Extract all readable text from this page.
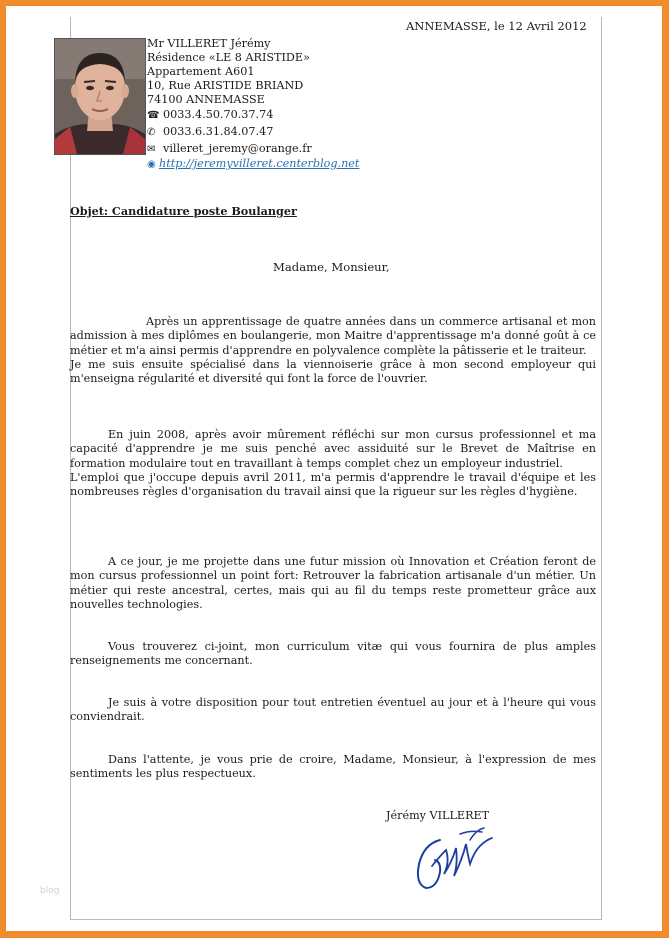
ANNEMASSE, le 12 Avril 2012
Mr VILLERET Jérémy
Résidence «LE 8 ARISTIDE»
Appartement A601
10, Rue ARISTIDE BRIAND
74100 ANNEMASSE
☎ 0033.4.50.70.37.74
✆ 0033.6.31.84.07.47
✉ villeret_jeremy@orange.fr
◉ http://jeremyvilleret.centerblog.net
Objet: Candidature poste Boulanger
Madame, Monsieur,

Après un apprentissage de quatre années dans un commerce artisanal et mon admission à mes diplômes en boulangerie, mon Maitre d'apprentissage m'a donné goût à ce métier et m'a ainsi permis d'apprendre en polyvalence complète la pâtisserie et le traiteur.

Je me suis ensuite spécialisé dans la viennoiserie grâce à mon second employeur qui m'enseigna régularité et diversité qui font la force de l'ouvrier.

En juin 2008, après avoir mûrement réfléchi sur mon cursus professionnel et ma capacité d'apprendre je me suis penché avec assiduité sur le Brevet de Maîtrise en formation modulaire tout en travaillant à temps complet chez un employeur industriel.

L'emploi que j'occupe depuis avril 2011, m'a permis d'apprendre le travail d'équipe et les nombreuses règles d'organisation du travail ainsi que la rigueur sur les règles d'hygiène.

A ce jour, je me projette dans une futur mission où Innovation et Création feront de mon cursus professionnel un point fort: Retrouver la fabrication artisanale d'un métier. Un métier qui reste ancestral, certes, mais qui au fil du temps reste prometteur grâce aux nouvelles technologies.

Vous trouverez ci-joint, mon curriculum vitæ qui vous fournira de plus amples renseignements me concernant.

Je suis à votre disposition pour tout entretien éventuel au jour et à l'heure qui vous conviendrait.

Dans l'attente, je vous prie de croire, Madame, Monsieur, à l'expression de mes sentiments les plus respectueux.

Jérémy VILLERET
blog
